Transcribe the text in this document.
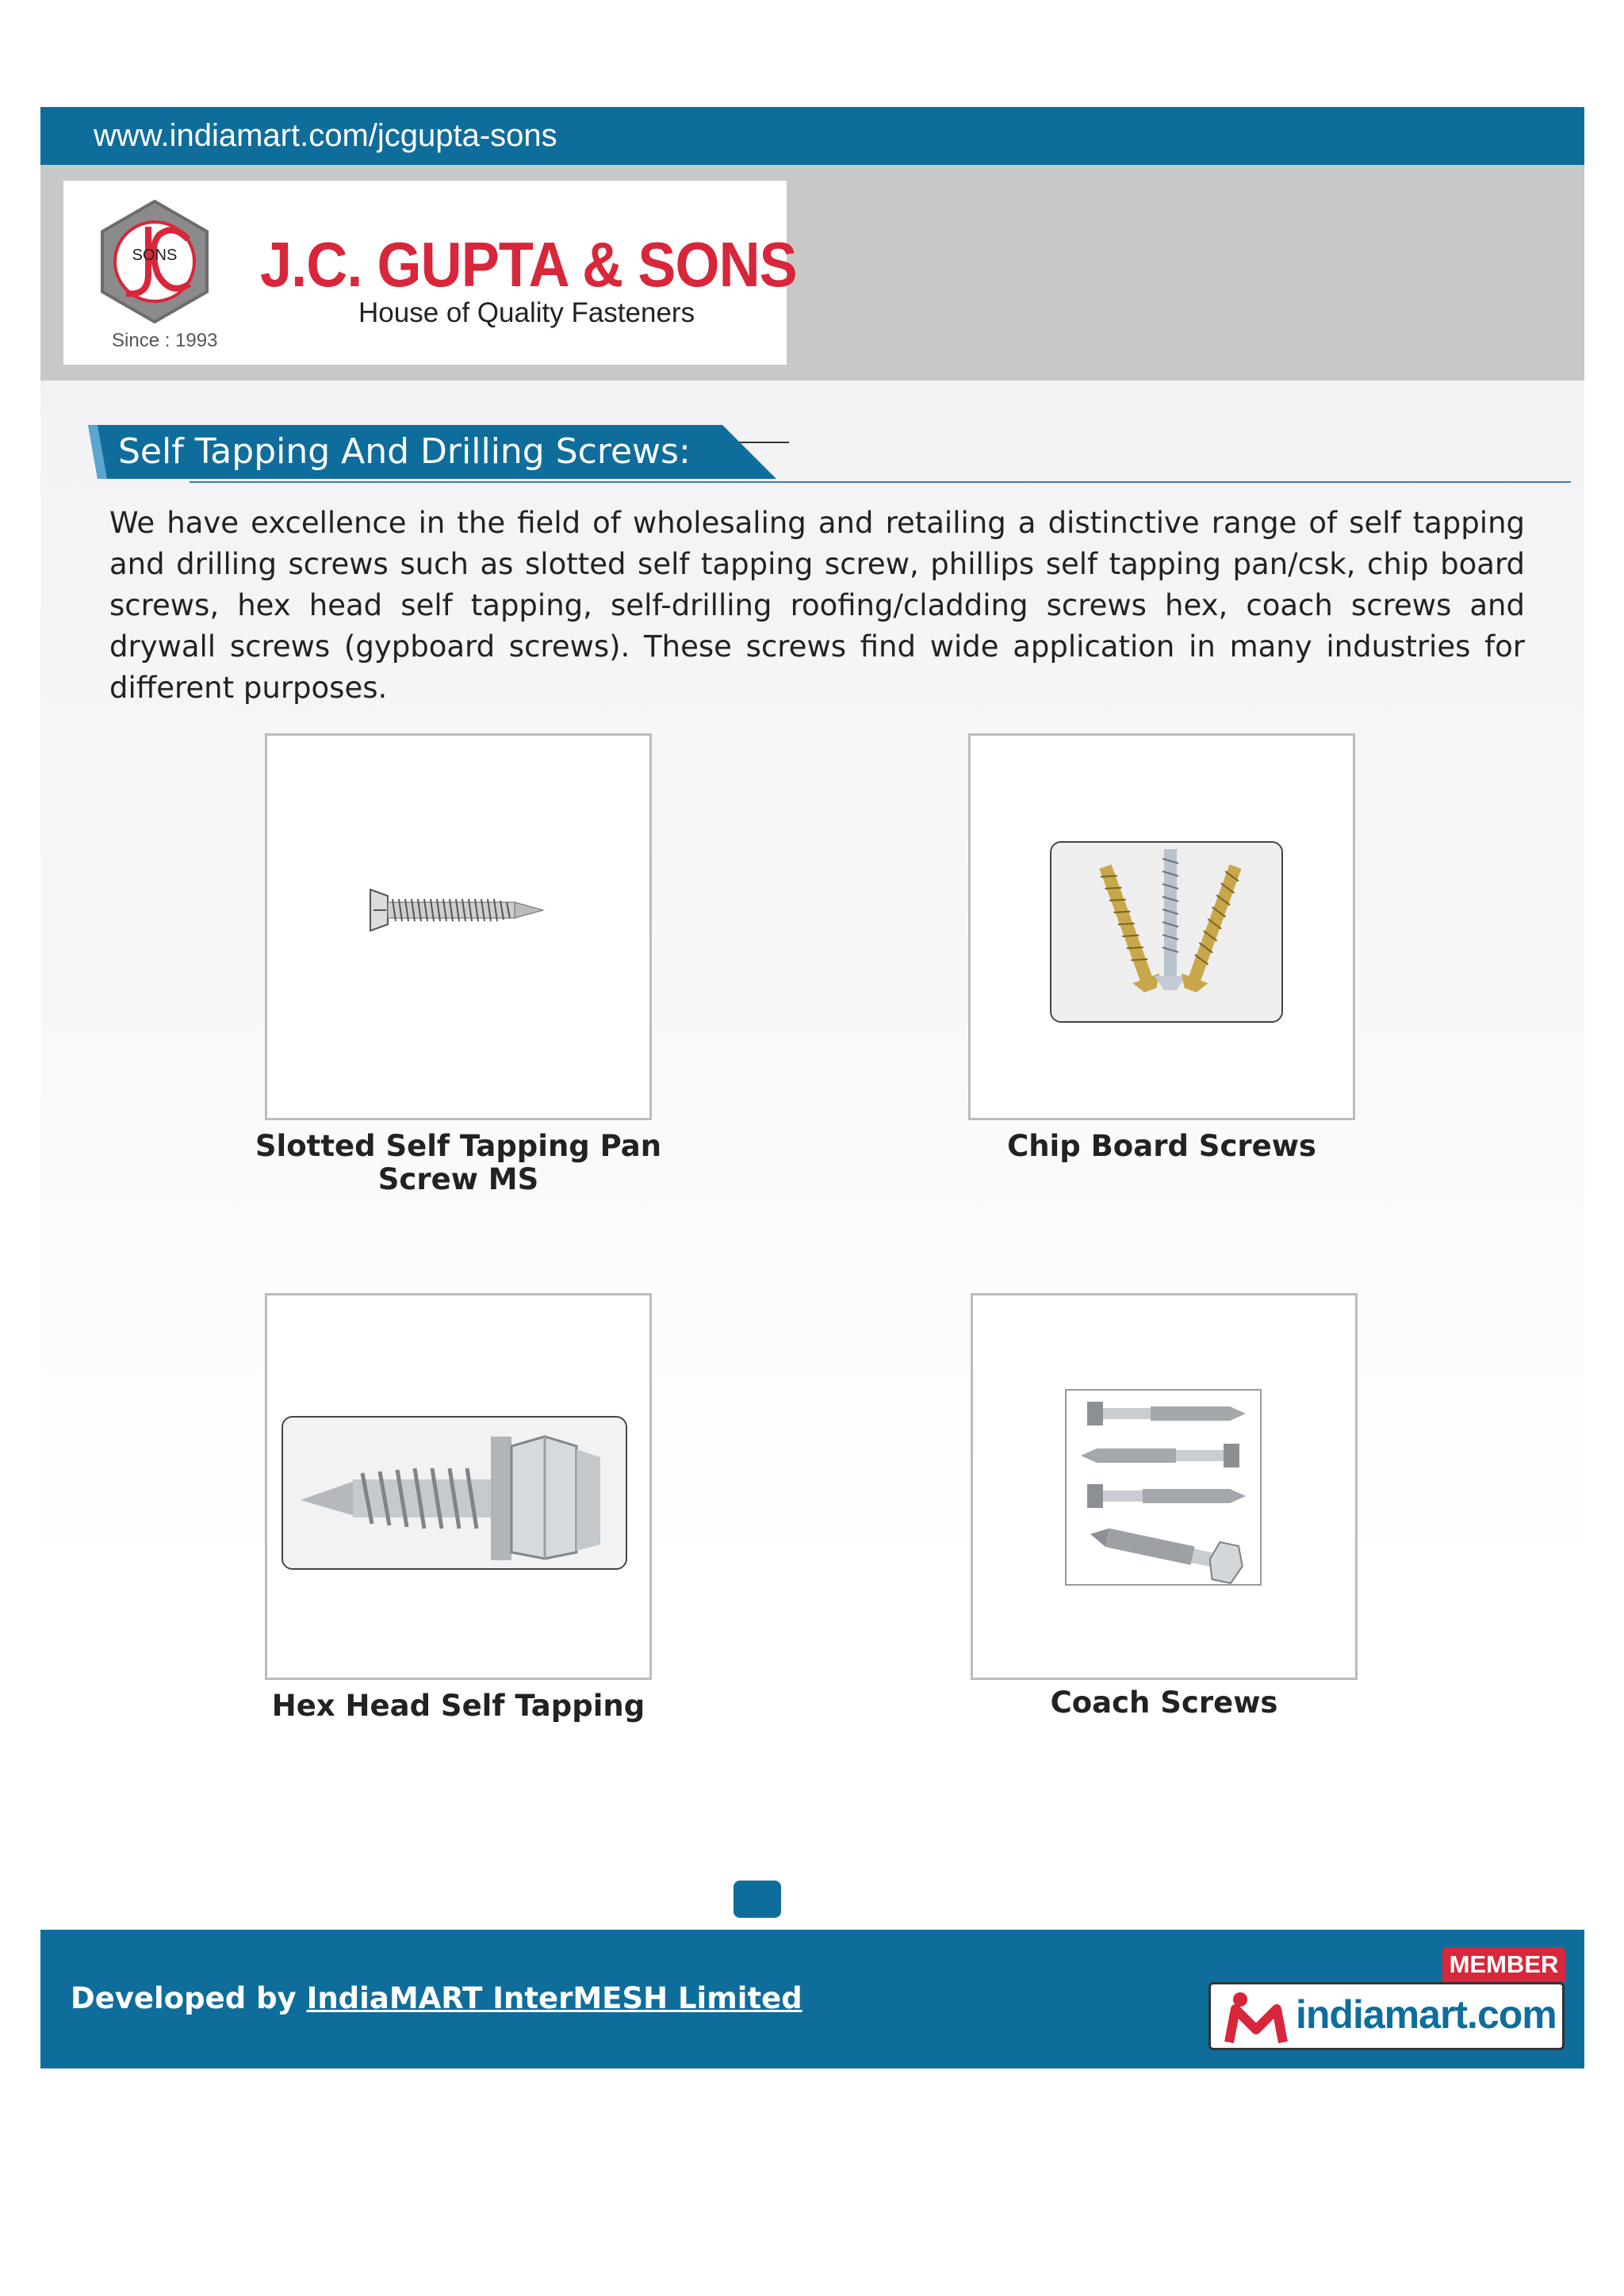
www.indiamart.com/jcgupta-sons
SONS
Since : 1993
J.C. GUPTA & SONS
House of Quality Fasteners
Self Tapping And Drilling Screws:

We have excellence in the field of wholesaling and retailing a distinctive range of self tapping and drilling screws such as slotted self tapping screw, phillips self tapping pan/csk, chip board screws, hex head self tapping, self-drilling roofing/cladding screws hex, coach screws and drywall screws (gypboard screws). These screws find wide application in many industries for different purposes.

Slotted Self Tapping Pan Screw MS
Chip Board Screws
Hex Head Self Tapping	Coach Screws
Developed by IndiaMART InterMESH Limited
MEMBER
indiamart.com
